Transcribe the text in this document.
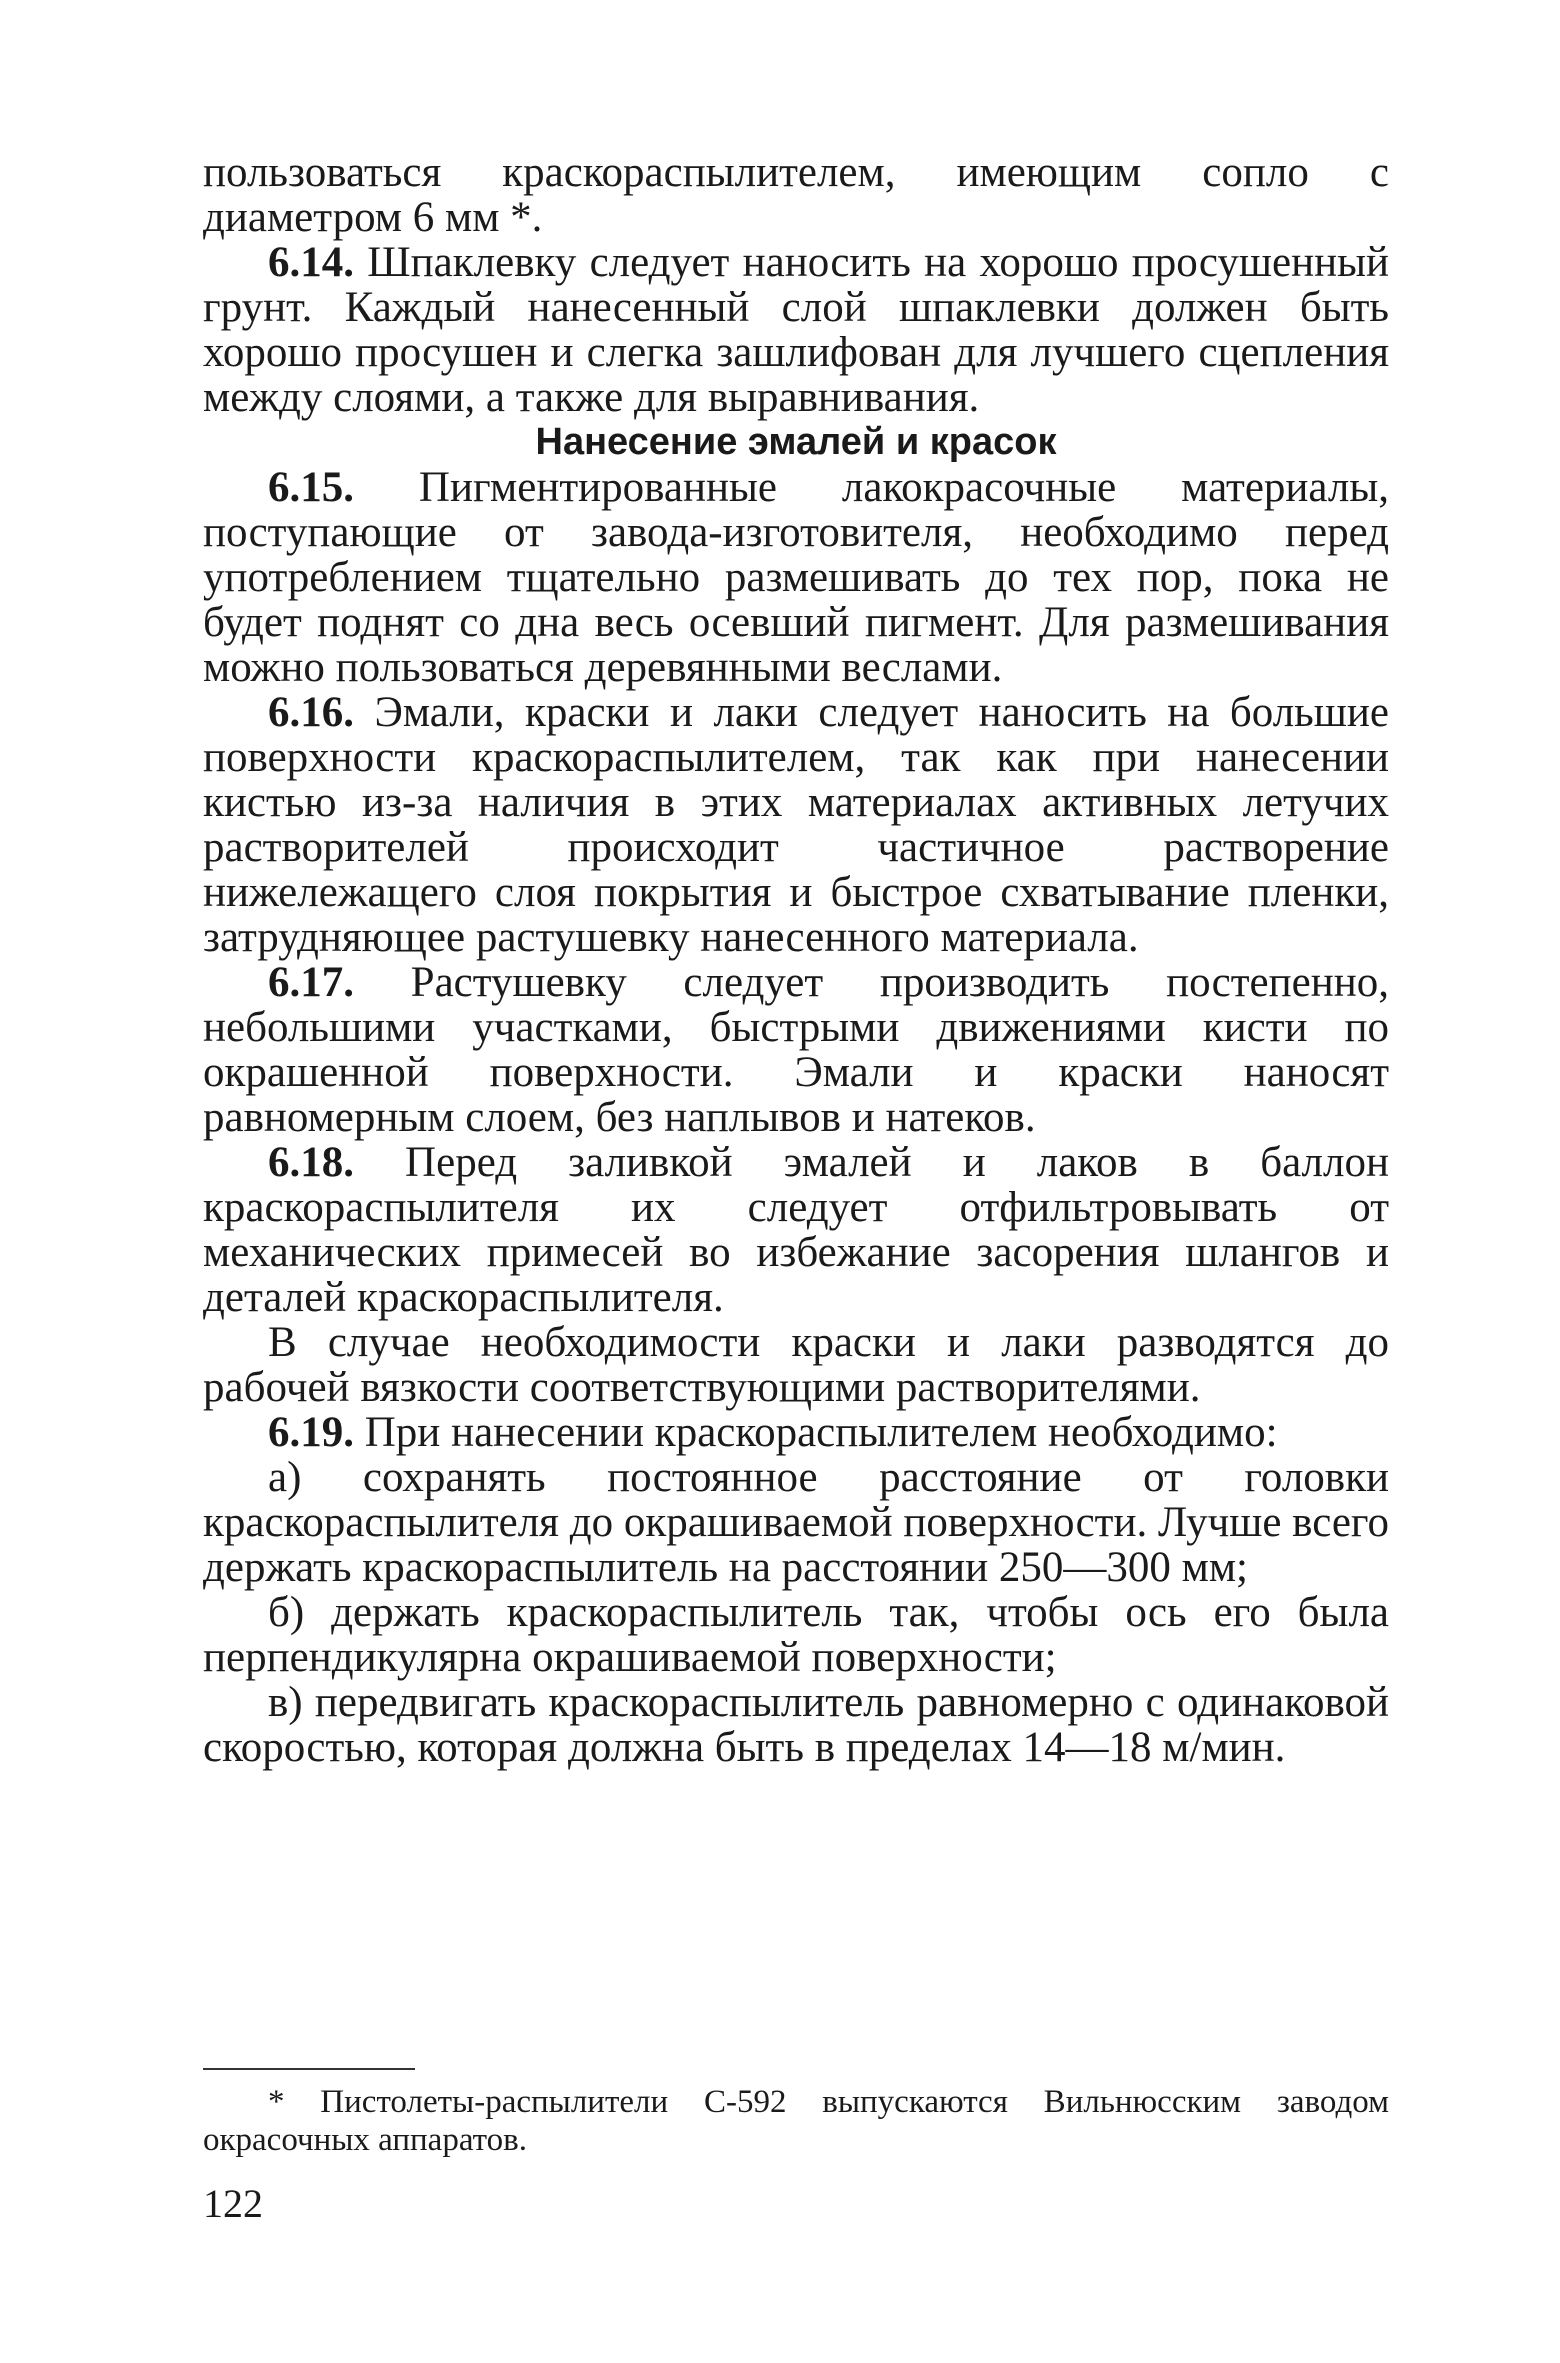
пользоваться краскораспылителем, имеющим сопло с диаметром 6 мм *.

6.14. Шпаклевку следует наносить на хорошо просушенный грунт. Каждый нанесенный слой шпаклевки должен быть хорошо просушен и слегка зашлифован для лучшего сцепления между слоями, а также для выравнивания.

Нанесение эмалей и красок

6.15. Пигментированные лакокрасочные материалы, поступающие от завода-изготовителя, необходимо перед употреблением тщательно размешивать до тех пор, пока не будет поднят со дна весь осевший пигмент. Для размешивания можно пользоваться деревянными веслами.

6.16. Эмали, краски и лаки следует наносить на большие поверхности краскораспылителем, так как при нанесении кистью из-за наличия в этих материалах активных летучих растворителей происходит частичное растворение нижележащего слоя покрытия и быстрое схватывание пленки, затрудняющее растушевку нанесенного материала.

6.17. Растушевку следует производить постепенно, небольшими участками, быстрыми движениями кисти по окрашенной поверхности. Эмали и краски наносят равномерным слоем, без наплывов и натеков.

6.18. Перед заливкой эмалей и лаков в баллон краскораспылителя их следует отфильтровывать от механических примесей во избежание засорения шлангов и деталей краскораспылителя.

В случае необходимости краски и лаки разводятся до рабочей вязкости соответствующими растворителями.

6.19. При нанесении краскораспылителем необходимо:

а) сохранять постоянное расстояние от головки краскораспылителя до окрашиваемой поверхности. Лучше всего держать краскораспылитель на расстоянии 250—300 мм;

б) держать краскораспылитель так, чтобы ось его была перпендикулярна окрашиваемой поверхности;

в) передвигать краскораспылитель равномерно с одинаковой скоростью, которая должна быть в пределах 14—18 м/мин.

* Пистолеты-распылители С-592 выпускаются Вильнюсским заводом окрасочных аппаратов.

122
